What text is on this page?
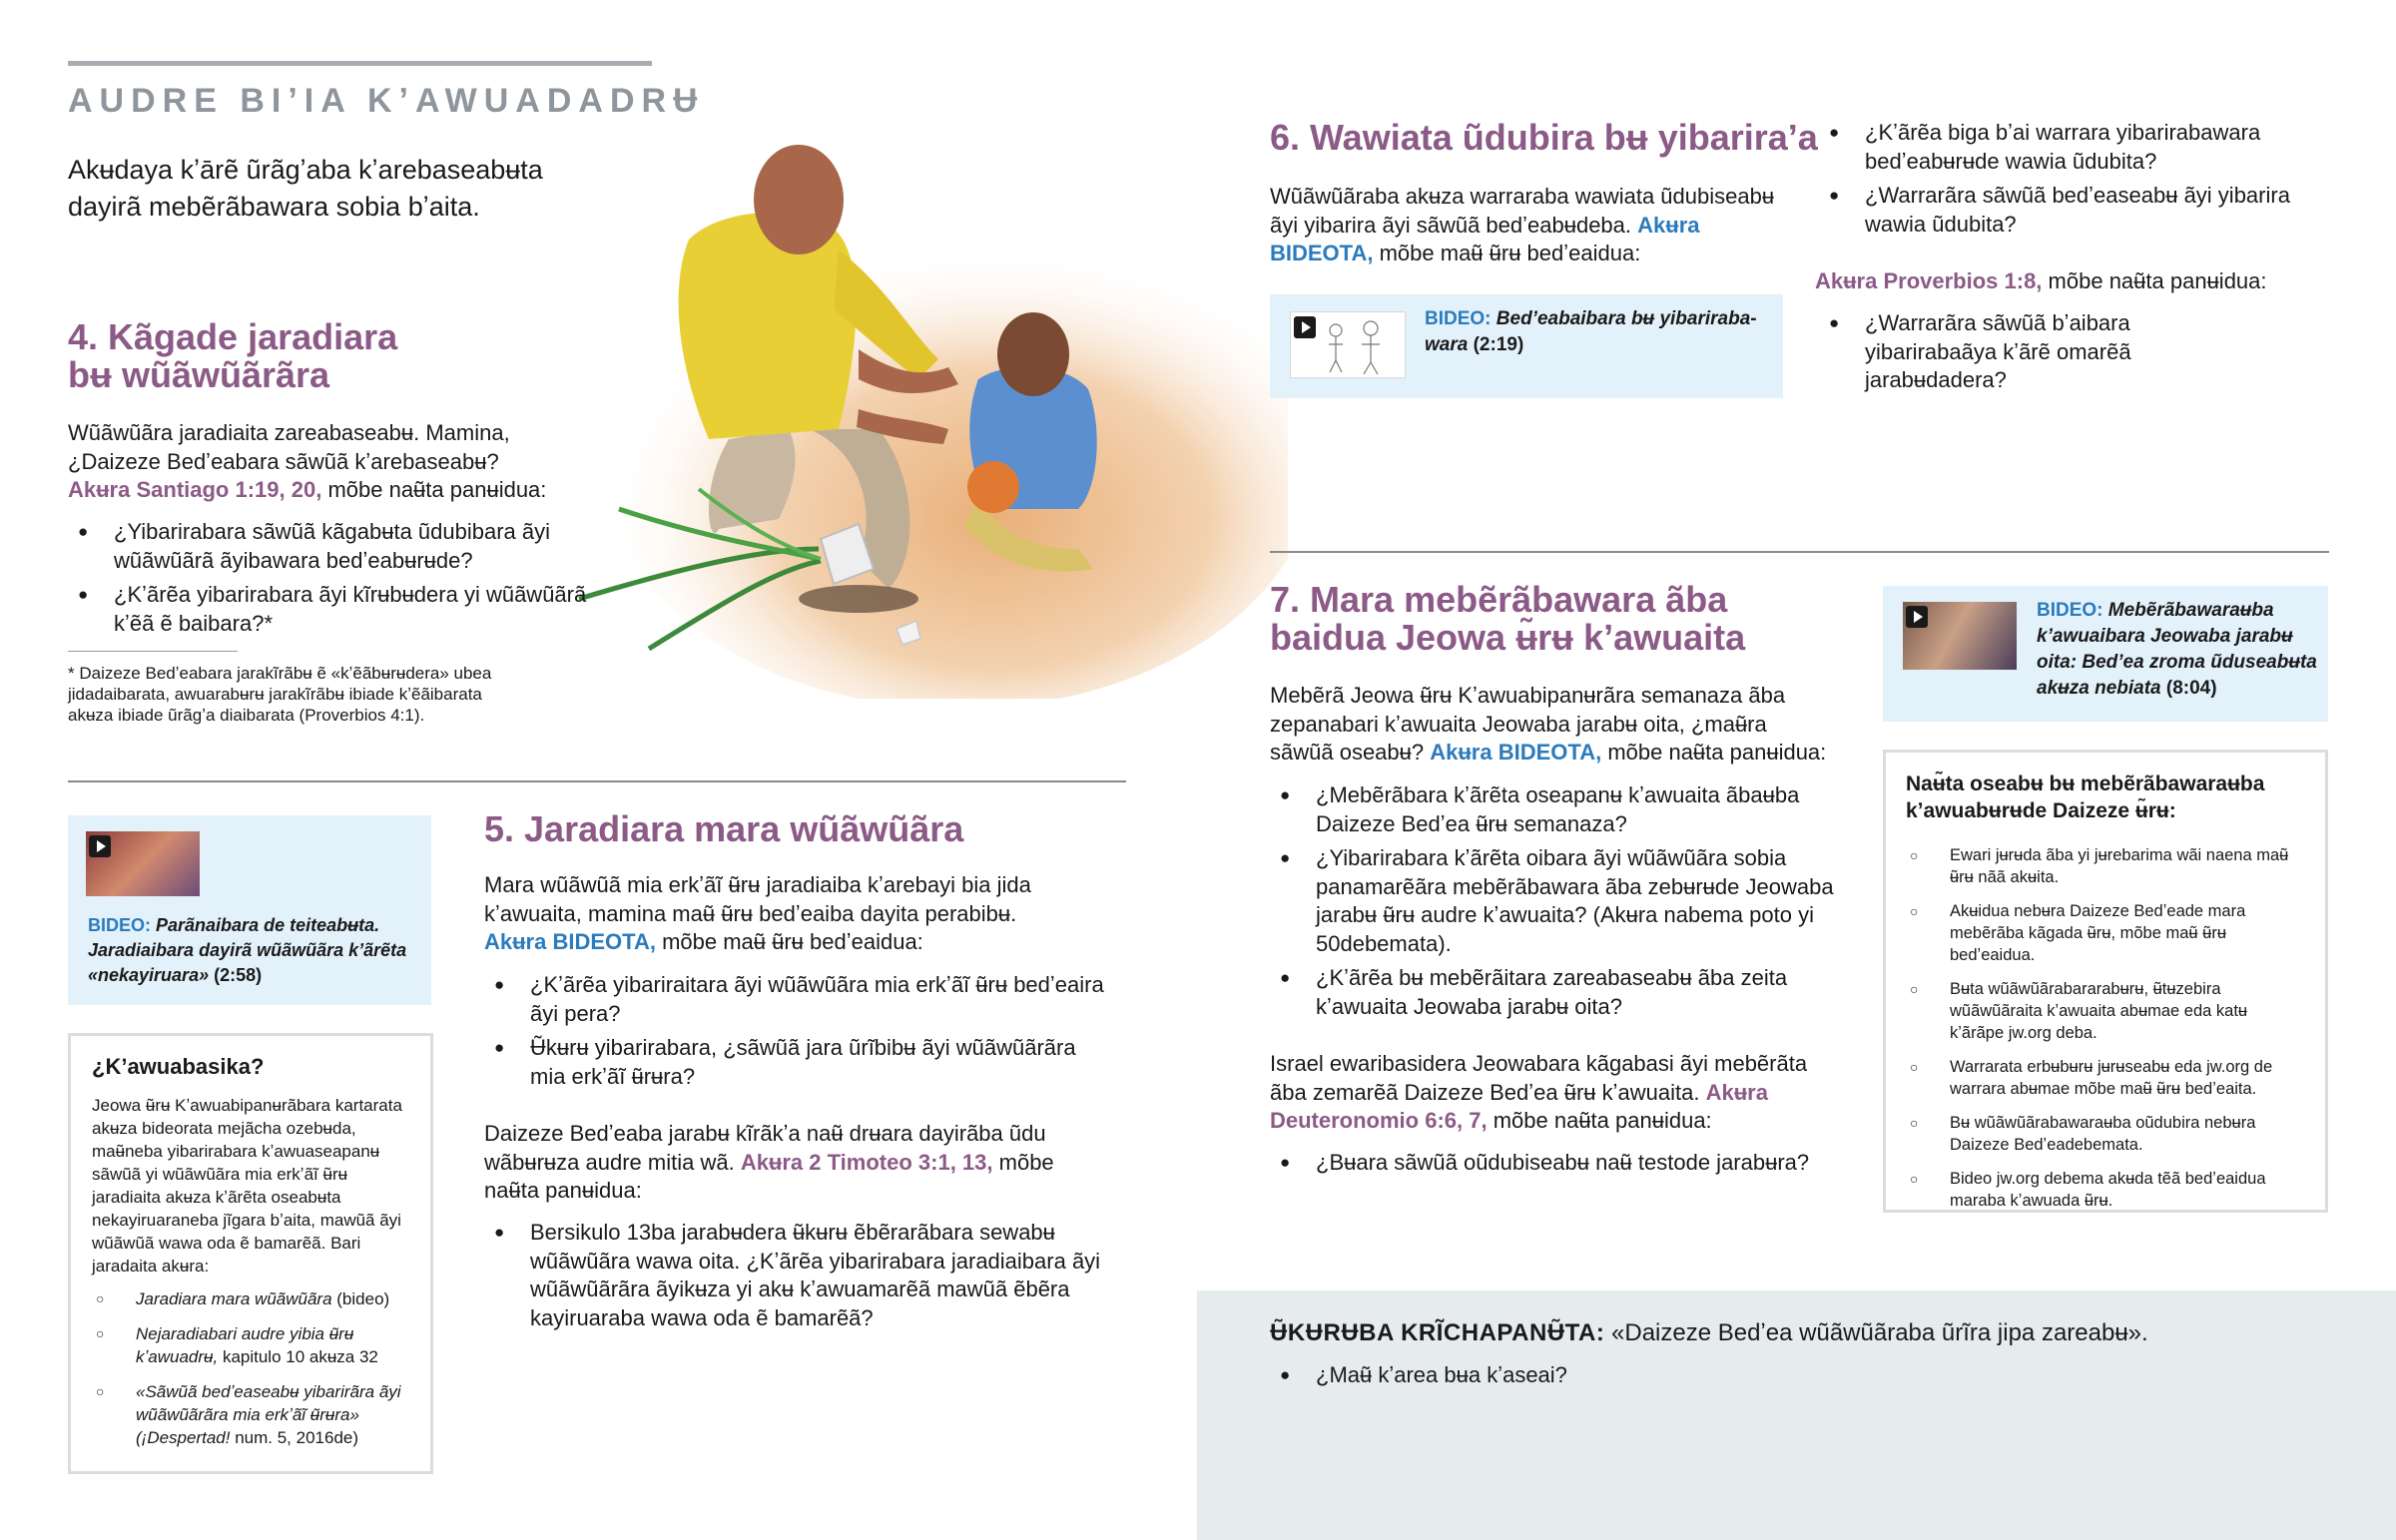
AUDRE BIʼIA KʼAWUADADRɄ
Akʉdaya kʼārẽ ũrãgʼaba kʼarebaseabʉta dayirã mebẽrãbawara sobia bʼaita.
4. Kãgade jaradiara
bʉ wũãwũãrãra
Wũãwũãra jaradiaita zareabaseabʉ. Mamina, ¿Daizeze Bedʼeabara sãwũã kʼarebaseabʉ?
Akʉra Santiago 1:19, 20, mõbe naʉ̃ta panʉidua:
● ¿Yibarirabara sãwũã kãgabʉta ũdubibara ãyi wũãwũãrã ãyibawara bedʼeabʉrʉde?
● ¿Kʼãrẽa yibarirabara ãyi kĩrʉbʉdera yi wũãwũãrã kʼẽã ẽ baibara?*
* Daizeze Bedʼeabara jarakĩrãbʉ ẽ «kʼẽãbʉrʉdera» ubea jidadaibarata, awuarabʉrʉ jarakĩrãbʉ ibiade kʼẽãibarata akʉza ibiade ũrãgʼa diaibarata (Proverbios 4:1).
BIDEO: Parãnaibara de teiteabʉta. Jaradiaibara dayirã wũãwũãra kʼãrẽta «nekayiruara» (2:58)
¿Kʼawuabasika?
Jeowa ʉ̃rʉ Kʼawuabipanʉrãbara kartarata akʉza bideorata mejãcha ozebʉda, maʉ̃neba yibarirabara kʼawuaseapanʉ sãwũã yi wũãwũãra mia erkʼãĩ ʉ̃rʉ jaradiaita akʉza kʼãrẽta oseabʉta nekayiruaraneba jĩgara bʼaita, mawũã ãyi wũãwũã wawa oda ẽ bamarẽã. Bari jaradaita akʉra:
○ Jaradiara mara wũãwũãra (bideo)
○ Nejaradiabari audre yibia ʉ̃rʉ kʼawuadrʉ, kapitulo 10 akʉza 32
○ «Sãwũã bedʼeaseabʉ yibarirãra ãyi wũãwũãrãra mia erkʼãĩ ʉ̃rʉra» (¡Despertad! num. 5, 2016de)
5. Jaradiara mara wũãwũãra
Mara wũãwũã mia erkʼãĩ ʉ̃rʉ jaradiaiba kʼarebayi bia jida kʼawuaita, mamina maʉ̃ ʉ̃rʉ bedʼeaiba dayita perabibʉ.
Akʉra BIDEOTA, mõbe maʉ̃ ʉ̃rʉ bedʼeaidua:
● ¿Kʼãrẽa yibariraitara ãyi wũãwũãra mia erkʼãĩ ʉ̃rʉ bedʼeaira ãyi pera?
● Ʉ̃kʉrʉ yibarirabara, ¿sãwũã jara ũrĩbibʉ ãyi wũãwũãrãra mia erkʼãĩ ʉ̃rʉra?
Daizeze Bedʼeaba jarabʉ kĩrãkʼa naʉ̃ drʉara dayirãba ũdu wãbʉrʉza audre mitia wã. Akʉra 2 Timoteo 3:1, 13, mõbe naʉ̃ta panʉidua:
● Bersikulo 13ba jarabʉdera ʉ̃kʉrʉ ẽbẽrarãbara sewabʉ wũãwũãra wawa oita. ¿Kʼãrẽa yibarirabara jaradiaibara ãyi wũãwũãrãra ãyikʉza yi akʉ kʼawuamarẽã mawũã ẽbẽra kayiruaraba wawa oda ẽ bamarẽã?
6. Wawiata ũdubira bʉ yibarira’a
Wũãwũãraba akʉza warraraba wawiata ũdubiseabʉ ãyi yibarira ãyi sãwũã bedʼeabʉdeba. Akʉra BIDEOTA, mõbe maʉ̃ ʉ̃rʉ bedʼeaidua:
BIDEO: Bedʼeabaibara bʉ yibarirabawara (2:19)
● ¿Kʼãrẽa biga bʼai warrara yibarirabawara bedʼeabʉrʉde wawia ũdubita?
● ¿Warrarãra sãwũã bedʼeaseabʉ ãyi yibarira wawia ũdubita?
Akʉra Proverbios 1:8, mõbe naʉ̃ta panʉidua:
● ¿Warrarãra sãwũã bʼaibara yibarirabaãya kʼãrẽ omarẽã jarabʉdadera?
7. Mara mebẽrãbawara ãba
baidua Jeowa ʉ̃rʉ kʼawuaita
Mebẽrã Jeowa ʉ̃rʉ Kʼawuabipanʉrãra semanaza ãba zepanabari kʼawuaita Jeowaba jarabʉ oita, ¿maʉ̃ra sãwũã oseabʉ? Akʉra BIDEOTA, mõbe naʉ̃ta panʉidua:
● ¿Mebẽrãbara kʼãrẽta oseapanʉ kʼawuaita ãbaʉba Daizeze Bedʼea ʉ̃rʉ semanaza?
● ¿Yibarirabara kʼãrẽta oibara ãyi wũãwũãra sobia panamarẽãra mebẽrãbawara ãba zebʉrʉde Jeowaba jarabʉ ʉ̃rʉ audre kʼawuaita? (Akʉra nabema poto yi 50debemata).
● ¿Kʼãrẽa bʉ mebẽrãitara zareabaseabʉ ãba zeita kʼawuaita Jeowaba jarabʉ oita?
Israel ewaribasidera Jeowabara kãgabasi ãyi mebẽrãta ãba zemarẽã Daizeze Bedʼea ʉ̃rʉ kʼawuaita. Akʉra Deuteronomio 6:6, 7, mõbe naʉ̃ta panʉidua:
● ¿Bʉara sãwũã oũdubiseabʉ naʉ̃ testode jarabʉra?
BIDEO: Mebẽrãbawaraʉba kʼawuaibara Jeowaba jarabʉ oita: Bedʼea zroma ũduseabʉta akʉza nebiata (8:04)
Naʉ̃ta oseabʉ bʉ mebẽrãbawaraʉba kʼawuabʉrʉde Daizeze ʉ̃rʉ:
○ Ewari jʉrʉda ãba yi jʉrebarima wãi naena maʉ̃ ʉ̃rʉ nãã akʉita.
○ Akʉidua nebʉra Daizeze Bedʼeade mara mebẽrãba kãgada ʉ̃rʉ, mõbe maʉ̃ ʉ̃rʉ bedʼeaidua.
○ Bʉta wũãwũãrabararabʉrʉ, ʉ̃tʉzebira wũãwũãraita kʼawuaita abʉmae eda katʉ kʼãrãpe jw.org deba.
○ Warrarata erbʉbʉrʉ jʉrʉseabʉ eda jw.org de warrara abʉmae mõbe maʉ̃ ʉ̃rʉ bedʼeaita.
○ Bʉ wũãwũãrabawaraʉba oũdubira nebʉra Daizeze Bedʼeadebemata.
○ Bideo jw.org debema akʉda tẽã bedʼeaidua maraba kʼawuada ʉ̃rʉ.
Ʉ̃KɄRɄBA KRĨCHAPANɄ̃TA: «Daizeze Bedʼea wũãwũãraba ũrĩra jipa zareabʉ».
● ¿Maʉ̃ kʼarea bʉa kʼaseai?
